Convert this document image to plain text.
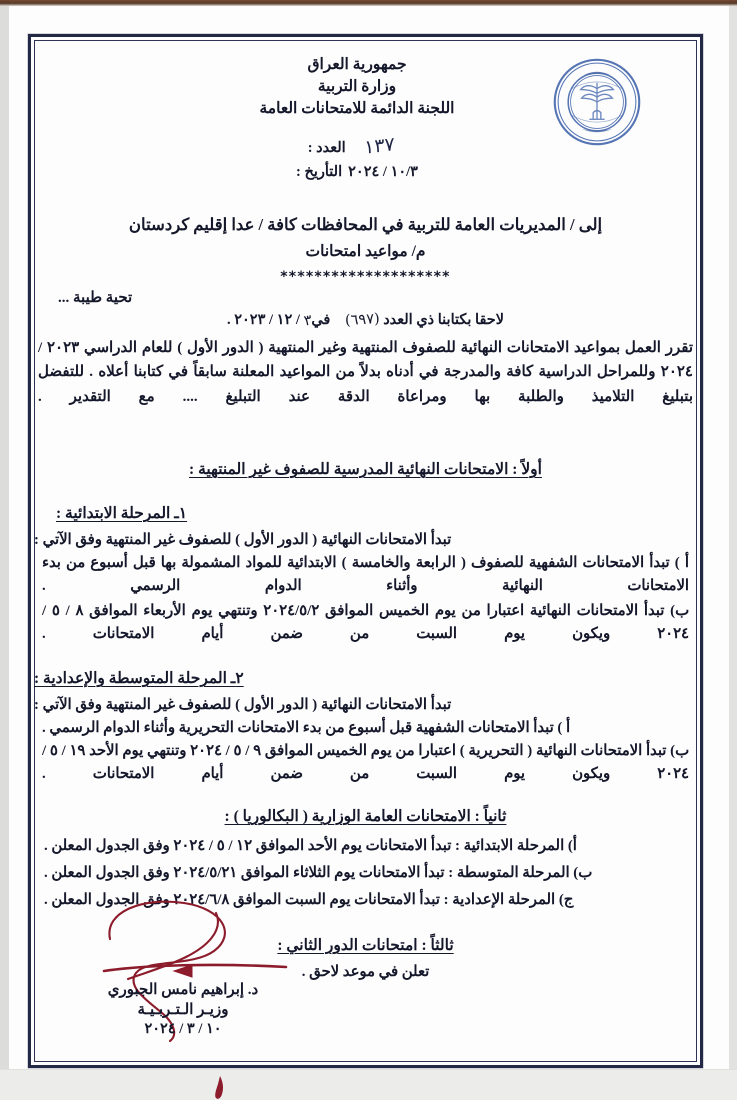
جمهورية العراق
وزارة التربية
اللجنة الدائمة للامتحانات العامة
١٣٧
العدد :
١٠/٣ / ٢٠٢٤
التأريخ :
إلى / المديريات العامة للتربية في المحافظات كافة / عدا إقليم كردستان
م/ مواعيد امتحانات
********************
تحية طيبة ...
لاحقا بكتابنا ذي العدد (٦٩٧)    في٣ / ١٢ / ٢٠٢٣ .
تقرر العمل بمواعيد الامتحانات النهائية للصفوف المنتهية وغير المنتهية ( الدور الأول ) للعام الدراسي ٢٠٢٣ / ٢٠٢٤ وللمراحل الدراسية كافة والمدرجة في أدناه بدلاً من المواعيد المعلنة سابقاً في كتابنا أعلاه . للتفضل بتبليغ التلاميذ والطلبة بها ومراعاة الدقة عند التبليغ .... مع التقدير .
أولاً : الامتحانات النهائية المدرسية للصفوف غير المنتهية :
١ـ المرحلة الابتدائية :
تبدأ الامتحانات النهائية ( الدور الأول ) للصفوف غير المنتهية وفق الآتي :
أ ) تبدأ الامتحانات الشفهية للصفوف ( الرابعة والخامسة ) الابتدائية للمواد المشمولة بها قبل أسبوع من بدء الامتحانات النهائية وأثناء الدوام الرسمي .
ب) تبدأ الامتحانات النهائية اعتبارا من يوم الخميس الموافق ٢٠٢٤/٥/٢ وتنتهي يوم الأربعاء الموافق ٨ / ٥ / ٢٠٢٤ ويكون يوم السبت من ضمن أيام الامتحانات .
٢ـ المرحلة المتوسطة والإعدادية :
تبدأ الامتحانات النهائية ( الدور الأول ) للصفوف غير المنتهية وفق الآتي :
أ ) تبدأ الامتحانات الشفهية قبل أسبوع من بدء الامتحانات التحريرية وأثناء الدوام الرسمي .
ب) تبدأ الامتحانات النهائية ( التحريرية ) اعتبارا من يوم الخميس الموافق ٩ / ٥ / ٢٠٢٤ وتنتهي يوم الأحد ١٩ / ٥ / ٢٠٢٤ ويكون يوم السبت من ضمن أيام الامتحانات .
ثانياً : الامتحانات العامة الوزارية ( البكالوريا ) :
أ) المرحلة الابتدائية : تبدأ الامتحانات يوم الأحد الموافق ١٢ / ٥ / ٢٠٢٤ وفق الجدول المعلن .
ب) المرحلة المتوسطة : تبدأ الامتحانات يوم الثلاثاء الموافق ٢٠٢٤/٥/٢١ وفق الجدول المعلن .
ج) المرحلة الإعدادية : تبدأ الامتحانات يوم السبت الموافق ٢٠٢٤/٦/٨ وفق الجدول المعلن .
ثالثاً : امتحانات الدور الثاني :
تعلن في موعد لاحق .
د. إبراهيم نامس الجبوري
وزيـر الـتـربـيـة
١٠ / ٣ / ٢٠٢٤
